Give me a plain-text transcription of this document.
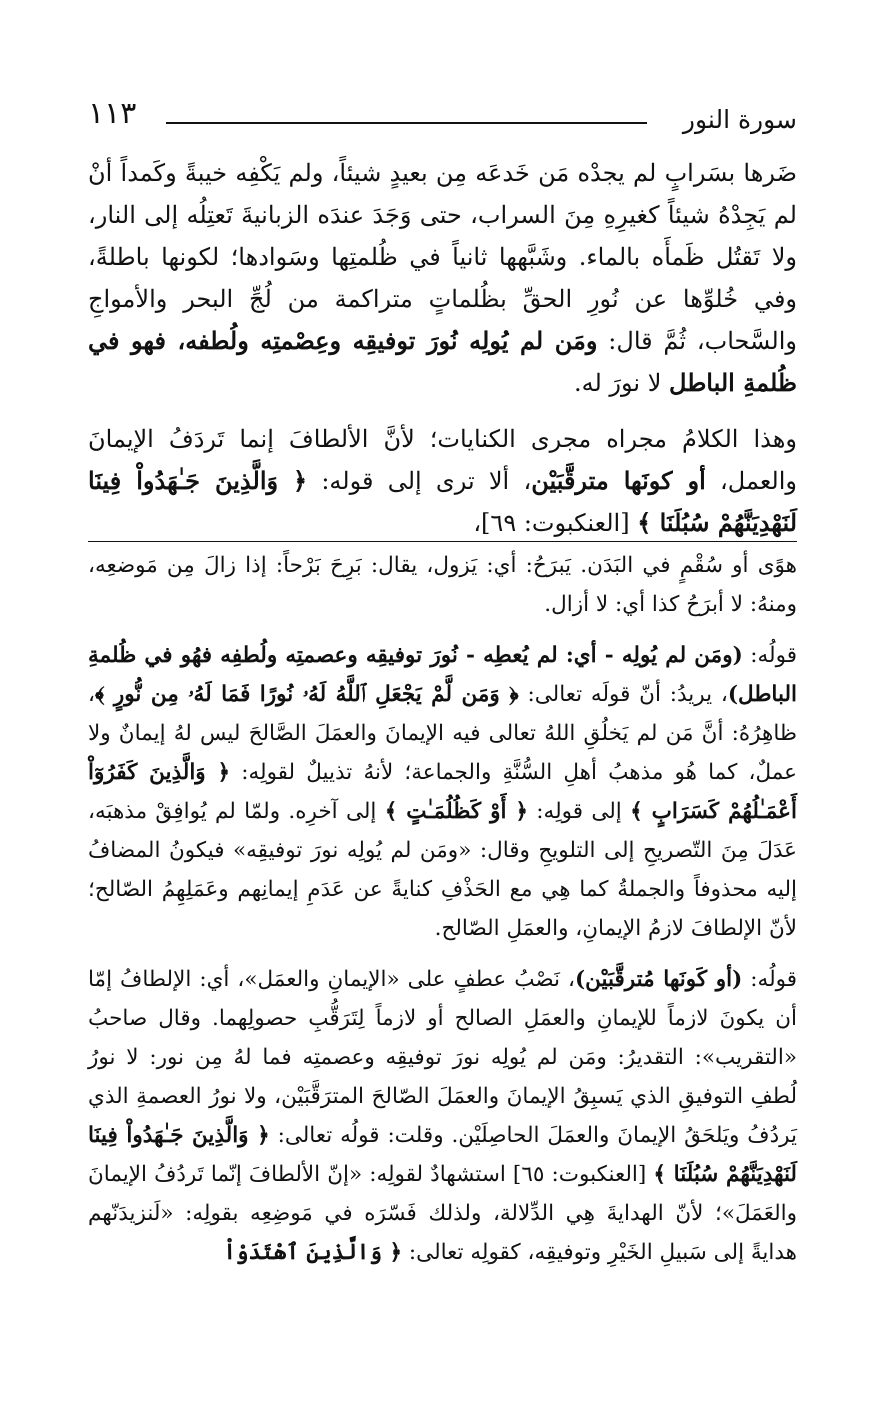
سورة النور
١١٣

ضَرها بسَرابٍ لم يجدْه مَن خَدعَه مِن بعيدٍ شيئاً، ولم يَكْفِه خيبةً وكَمداً أنْ لم يَجِدْهُ شيئاً كغيرِهِ مِنَ السراب، حتى وَجَدَ عندَه الزبانيةَ تَعتِلُه إلى النار، ولا تَقتُل ظَمأَه بالماء. وشَبَّهها ثانياً في ظُلمتِها وسَوادها؛ لكونها باطلةً، وفي خُلوِّها عن نُورِ الحقِّ بظُلماتٍ متراكمة من لُجِّ البحر والأمواجِ والسَّحاب، ثُمَّ قال: ومَن لم يُولِه نُورَ توفيقِه وعِصْمتِه ولُطفه، فهو في ظُلمةِ الباطل لا نورَ له.

وهذا الكلامُ مجراه مجرى الكنايات؛ لأنَّ الألطافَ إنما تَردَفُ الإيمانَ والعمل، أو كونَها مترقَّبَيْن، ألا ترى إلى قوله: ﴿ وَالَّذِينَ جَـٰهَدُواْ فِينَا لَنَهْدِيَنَّهُمْ سُبُلَنَا ﴾ [العنكبوت: ٦٩]،

هوًى أو سُقْمٍ في البَدَن. يَبرَحُ: أي: يَزول، يقال: بَرِحَ بَرْحاً: إذا زالَ مِن مَوضعِه، ومنهُ: لا أبرَحُ كذا أي: لا أزال.

قولُه: (ومَن لم يُولِه - أي: لم يُعطِه - نُورَ توفيقِه وعصمتِه ولُطفِه فهُو في ظُلمةِ الباطل)، يريدُ: أنّ قولَه تعالى: ﴿ وَمَن لَّمْ يَجْعَلِ ٱللَّهُ لَهُۥ نُورًا فَمَا لَهُۥ مِن نُّورٍ ﴾، ظاهِرُهُ: أنَّ مَن لم يَخلُقِ اللهُ تعالى فيه الإيمانَ والعمَلَ الصَّالحَ ليس لهُ إيمانٌ ولا عملٌ، كما هُو مذهبُ أهلِ السُّنَّةِ والجماعة؛ لأنهُ تذييلٌ لقولِه: ﴿ وَالَّذِينَ كَفَرُوٓاْ أَعْمَـٰلُهُمْ كَسَرَابٍ ﴾ إلى قولِه: ﴿ أَوْ كَظُلُمَـٰتٍ ﴾ إلى آخرِه. ولمّا لم يُوافِقْ مذهبَه، عَدَلَ مِنَ التّصريحِ إلى التلويحِ وقال: «ومَن لم يُولِه نورَ توفيقِه» فيكونُ المضافُ إليه محذوفاً والجملةُ كما هِي مع الحَذْفِ كنايةً عن عَدَمِ إيمانِهم وعَمَلِهِمُ الصّالح؛ لأنّ الإلطافَ لازمُ الإيمانِ، والعمَلِ الصّالح.

قولُه: (أو كَونَها مُترقَّبَيْن)، نَصْبُ عطفٍ على «الإيمانِ والعمَل»، أي: الإلطافُ إمّا أن يكونَ لازماً للإيمانِ والعمَلِ الصالح أو لازماً لِتَرَقُّبِ حصولِهما. وقال صاحبُ «التقريب»: التقديرُ: ومَن لم يُولِه نورَ توفيقِه وعصمتِه فما لهُ مِن نور: لا نورُ لُطفِ التوفيقِ الذي يَسبِقُ الإيمانَ والعمَلَ الصّالحَ المترَقَّبَيْن، ولا نورُ العصمةِ الذي يَردُفُ ويَلحَقُ الإيمانَ والعمَلَ الحاصِلَيْن. وقلت: قولُه تعالى: ﴿ وَالَّذِينَ جَـٰهَدُواْ فِينَا لَنَهْدِيَنَّهُمْ سُبُلَنَا ﴾ [العنكبوت: ٦٥] استشهادٌ لقولِه: «إنّ الألطافَ إنّما تَردُفُ الإيمانَ والعَمَلَ»؛ لأنّ الهدايةَ هِي الدِّلالة، ولذلك فَسّرَه في مَوضِعِه بقولِه: «لَنزيدَنّهم هدايةً إلى سَبيلِ الخَيْرِ وتوفيقِه، كقولِه تعالى: ﴿ وَالَّذِينَ ٱهْتَدَوْاْ
